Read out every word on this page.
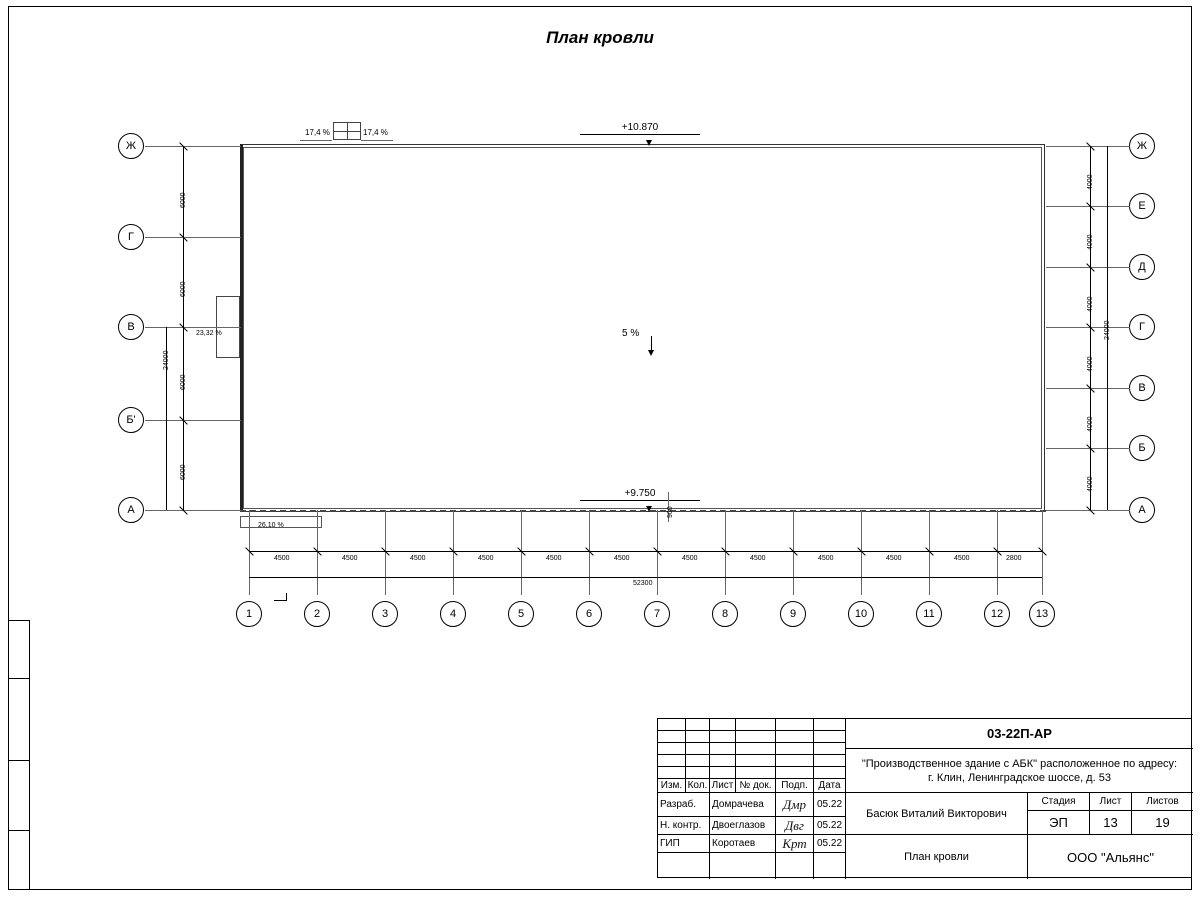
План кровли
17,4 %	17,4 %
23,32 %
26,10 %
+10.870
+9.750
5 %
900
Ж
Г
В
Б'
А
6000
6000
6000
6000
24000
Ж
Е
Д
Г
В
Б
А
4000
4000
4000
4000
4000
4000
24000
4500	4500	4500	4500	4500	4500	4500	4500	4500	4500	4500	2800
52300
1	2	3	4	5	6	7	8	9	10	11	12	13
Изм. Кол. Лист № док. Подп.	Дата
Разраб.	Домрачева	Дмр	05.22
Н. контр.	Двоеглазов	Двг	05.22
ГИП	Коротаев	Крт	05.22
03-22П-АР
"Производственное здание с АБК" расположенное по адресу:
г. Клин, Ленинградское шоссе, д. 53
Басюк Виталий Викторович
Стадия	Лист	Листов
ЭП	13	19
План кровли	ООО "Альянс"
